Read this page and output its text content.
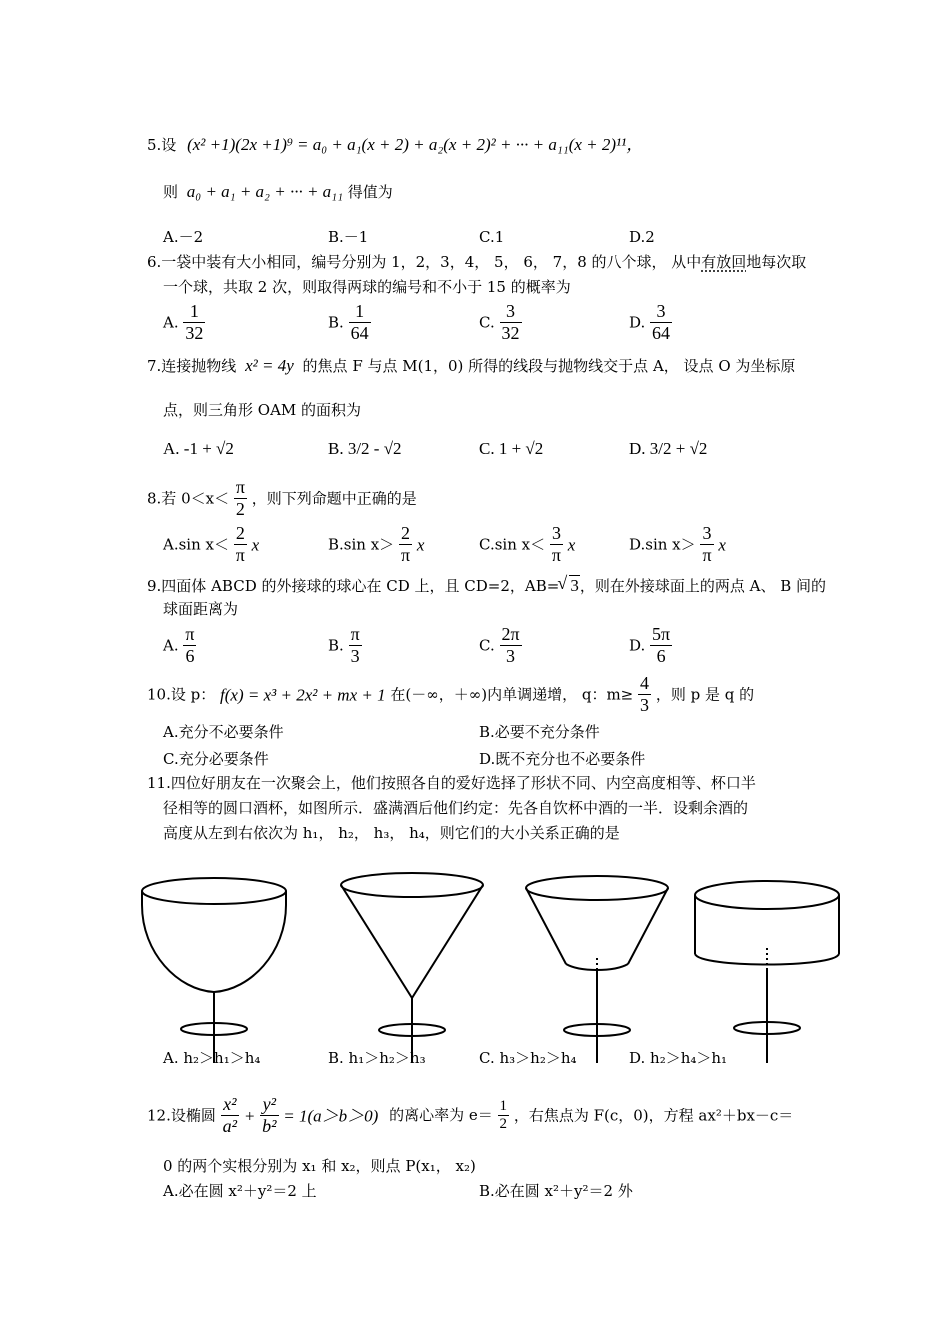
5.设 (x² +1)(2x +1)⁹ = a₀ + a₁(x + 2) + a₂(x + 2)² + ··· + a₁₁(x + 2)¹¹，
则 a₀ + a₁ + a₂ + ··· + a₁₁ 得值为
A.－2	B.－1	C.1	D.2
6.一袋中装有大小相同，编号分别为 1，2，3，4， 5， 6， 7，8 的八个球， 从中有放回地每次取
一个球，共取 2 次，则取得两球的编号和不小于 15 的概率为
A. $\frac{1}{32}$	B. $\frac{1}{64}$	C. $\frac{3}{32}$	D. $\frac{3}{64}$
7.连接抛物线 x² = 4y 的焦点 F 与点 M(1，0) 所得的线段与抛物线交于点 A， 设点 O 为坐标原
点，则三角形 OAM 的面积为
A. -1 + √2	B. 3/2 - √2	C. 1 + √2	D. 3/2 + √2
8.若 $0<x< \frac{\pi}{2}$ ，则下列命题中正确的是
A.sin $x< \frac{2}{\pi}$ x	B.sin $x> \frac{2}{\pi}$ x	C.sin $x< \frac{3}{\pi}$ x	D.sin $x> \frac{3}{\pi}$ x
9.四面体 ABCD 的外接球的球心在 CD 上，且 CD=2，AB=√ 3，则在外接球面上的两点 A、 B 间的
球面距离为
A. $\frac{\pi}{6}$	B. $\frac{\pi}{3}$	C. $\frac{2\pi}{3}$	D. $\frac{5\pi}{6}$
10.设 p： f(x) = x³ + 2x² + mx + 1 在(－∞，＋∞)内单调递增， q：$m\ge \frac{4}{3}$ ，则 p 是 q 的
A.充分不必要条件	B.必要不充分条件
C.充分必要条件	D.既不充分也不必要条件
11.四位好朋友在一次聚会上，他们按照各自的爱好选择了形状不同、内空高度相等、杯口半
径相等的圆口酒杯，如图所示．盛满酒后他们约定：先各自饮杯中酒的一半．设剩余酒的
高度从左到右依次为 h₁， h₂， h₃， h₄，则它们的大小关系正确的是
A. h₂＞h₁＞h₄	B. h₁＞h₂＞h₃	C. h₃＞h₂＞h₄	D. h₂＞h₄＞h₁
12.设椭圆 $\frac{\text{x²}}{\text{a²}} + \frac{\text{y²}}{\text{b²}} = 1(a>b>0)$ 的离心率为 $e= \frac{1}{2}$ ，右焦点为 F(c，0)，方程 ax²＋bx－c＝
0 的两个实根分别为 x₁ 和 x₂，则点 P(x₁， x₂)
A.必在圆 x²＋y²＝2 上	B.必在圆 x²＋y²＝2 外
